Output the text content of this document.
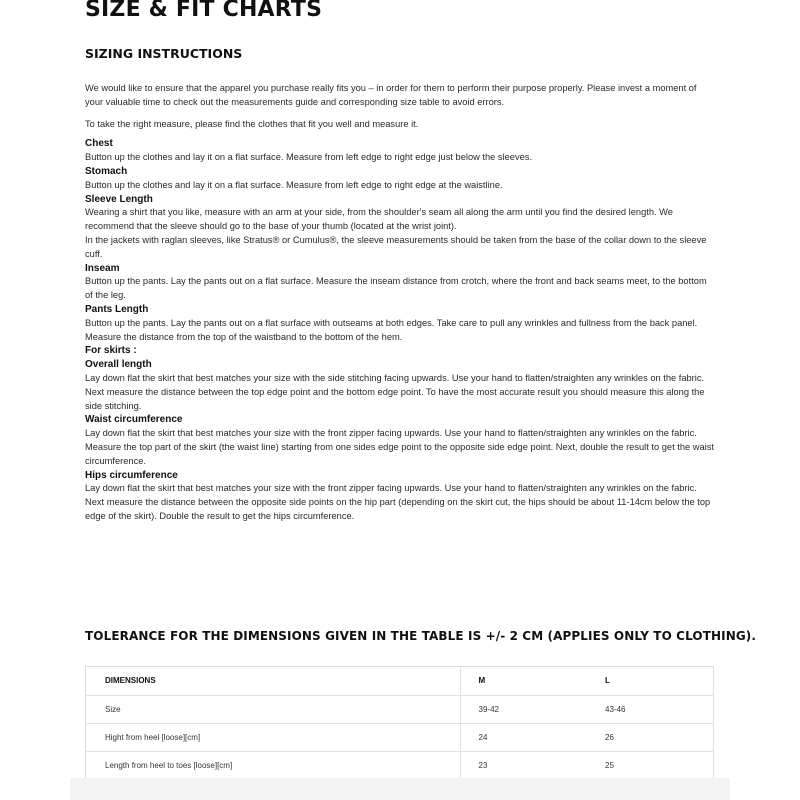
SIZE & FIT CHARTS
SIZING INSTRUCTIONS

We would like to ensure that the apparel you purchase really fits you – in order for them to perform their purpose properly. Please invest a moment of your valuable time to check out the measurements guide and corresponding size table to avoid errors.

To take the right measure, please find the clothes that fit you well and measure it.

Chest

Button up the clothes and lay it on a flat surface. Measure from left edge to right edge just below the sleeves.

Stomach

Button up the clothes and lay it on a flat surface. Measure from left edge to right edge at the waistline.

Sleeve Length

Wearing a shirt that you like, measure with an arm at your side, from the shoulder's seam all along the arm until you find the desired length. We recommend that the sleeve should go to the base of your thumb (located at the wrist joint).

In the jackets with raglan sleeves, like Stratus® or Cumulus®, the sleeve measurements should be taken from the base of the collar down to the sleeve cuff.

Inseam

Button up the pants. Lay the pants out on a flat surface. Measure the inseam distance from crotch, where the front and back seams meet, to the bottom of the leg.

Pants Length

Button up the pants. Lay the pants out on a flat surface with outseams at both edges. Take care to pull any wrinkles and fullness from the back panel. Measure the distance from the top of the waistband to the bottom of the hem.

For skirts :

Overall length

Lay down flat the skirt that best matches your size with the side stitching facing upwards. Use your hand to flatten/straighten any wrinkles on the fabric. Next measure the distance between the top edge point and the bottom edge point. To have the most accurate result you should measure this along the side stitching.

Waist circumference

Lay down flat the skirt that best matches your size with the front zipper facing upwards. Use your hand to flatten/straighten any wrinkles on the fabric. Measure the top part of the skirt (the waist line) starting from one sides edge point to the opposite side edge point. Next, double the result to get the waist circumference.

Hips circumference

Lay down flat the skirt that best matches your size with the front zipper facing upwards. Use your hand to flatten/straighten any wrinkles on the fabric. Next measure the distance between the opposite side points on the hip part (depending on the skirt cut, the hips should be about 11-14cm below the top edge of the skirt). Double the result to get the hips circumference.

TOLERANCE FOR THE DIMENSIONS GIVEN IN THE TABLE IS +/- 2 CM (APPLIES ONLY TO CLOTHING).
DIMENSIONS	M	L
Size	39-42	43-46
Hight from heel [loose][cm]	24	26
Length from heel to toes [loose][cm]	23	25
